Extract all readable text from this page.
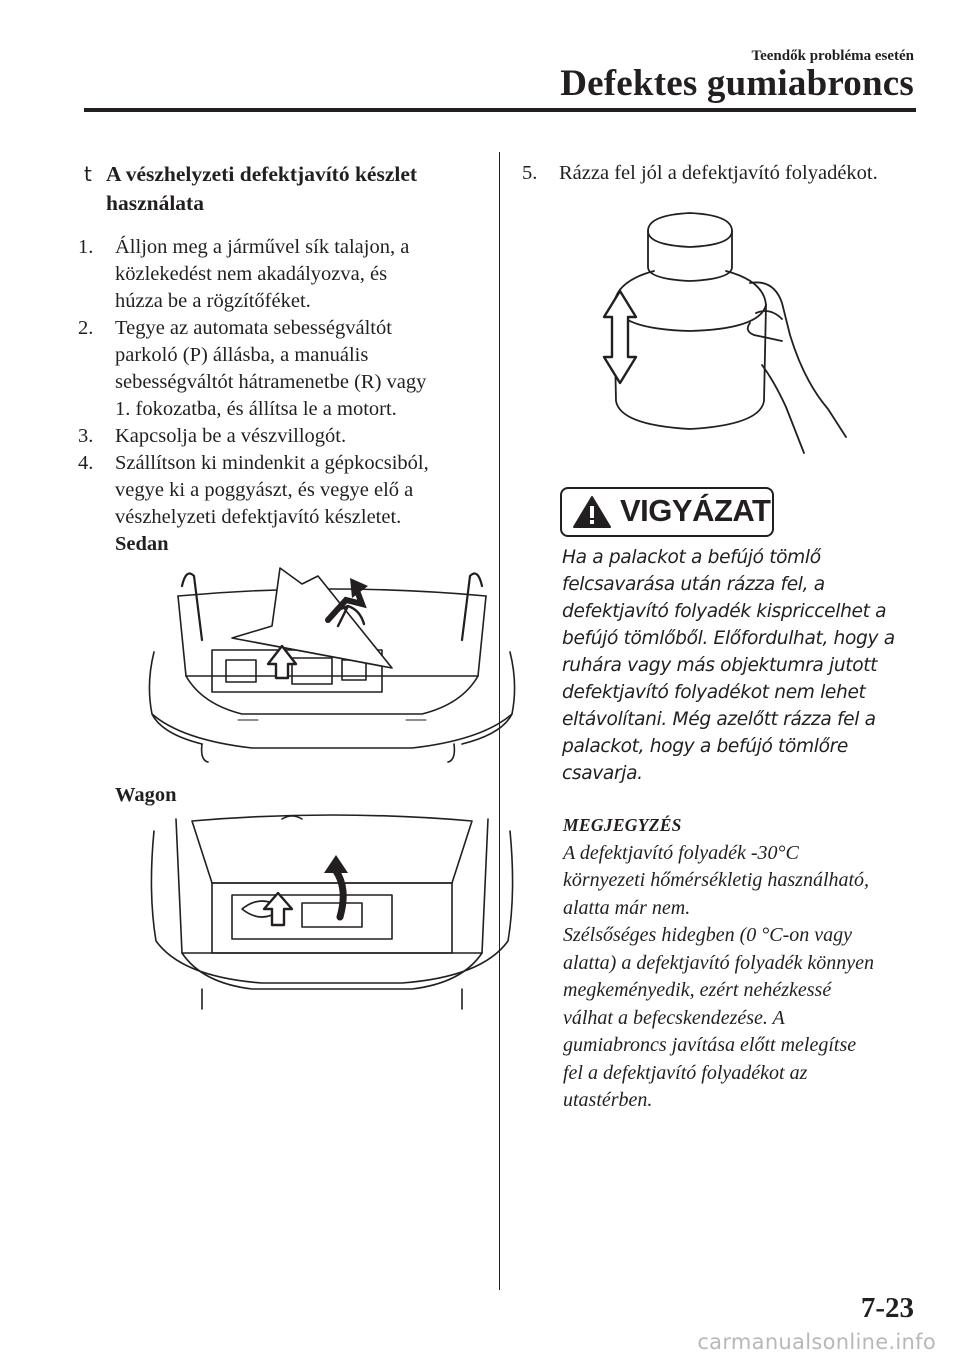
Teendők probléma esetén
Defektes gumiabroncs
t A vészhelyzeti defektjavító készlet
használata
1. Álljon meg a járművel sík talajon, a
közlekedést nem akadályozva, és
húzza be a rögzítőféket.
2. Tegye az automata sebességváltót
parkoló (P) állásba, a manuális
sebességváltót hátramenetbe (R) vagy
1. fokozatba, és állítsa le a motort.
3. Kapcsolja be a vészvillogót.
4. Szállítson ki mindenkit a gépkocsiból,
vegye ki a poggyászt, és vegye elő a
vészhelyzeti defektjavító készletet.
Sedan
Wagon
5. Rázza fel jól a defektjavító folyadékot.
VIGYÁZAT
Ha a palackot a befújó tömlő
felcsavarása után rázza fel, a
defektjavító folyadék kispriccelhet a
befújó tömlőből. Előfordulhat, hogy a
ruhára vagy más objektumra jutott
defektjavító folyadékot nem lehet
eltávolítani. Még azelőtt rázza fel a
palackot, hogy a befújó tömlőre
csavarja.
MEGJEGYZÉS
A defektjavító folyadék -30°C
környezeti hőmérsékletig használható,
alatta már nem.
Szélsőséges hidegben (0 °C-on vagy
alatta) a defektjavító folyadék könnyen
megkeményedik, ezért nehézkessé
válhat a befecskendezése. A
gumiabroncs javítása előtt melegítse
fel a defektjavító folyadékot az
utastérben.
7-23
carmanualsonline.info
